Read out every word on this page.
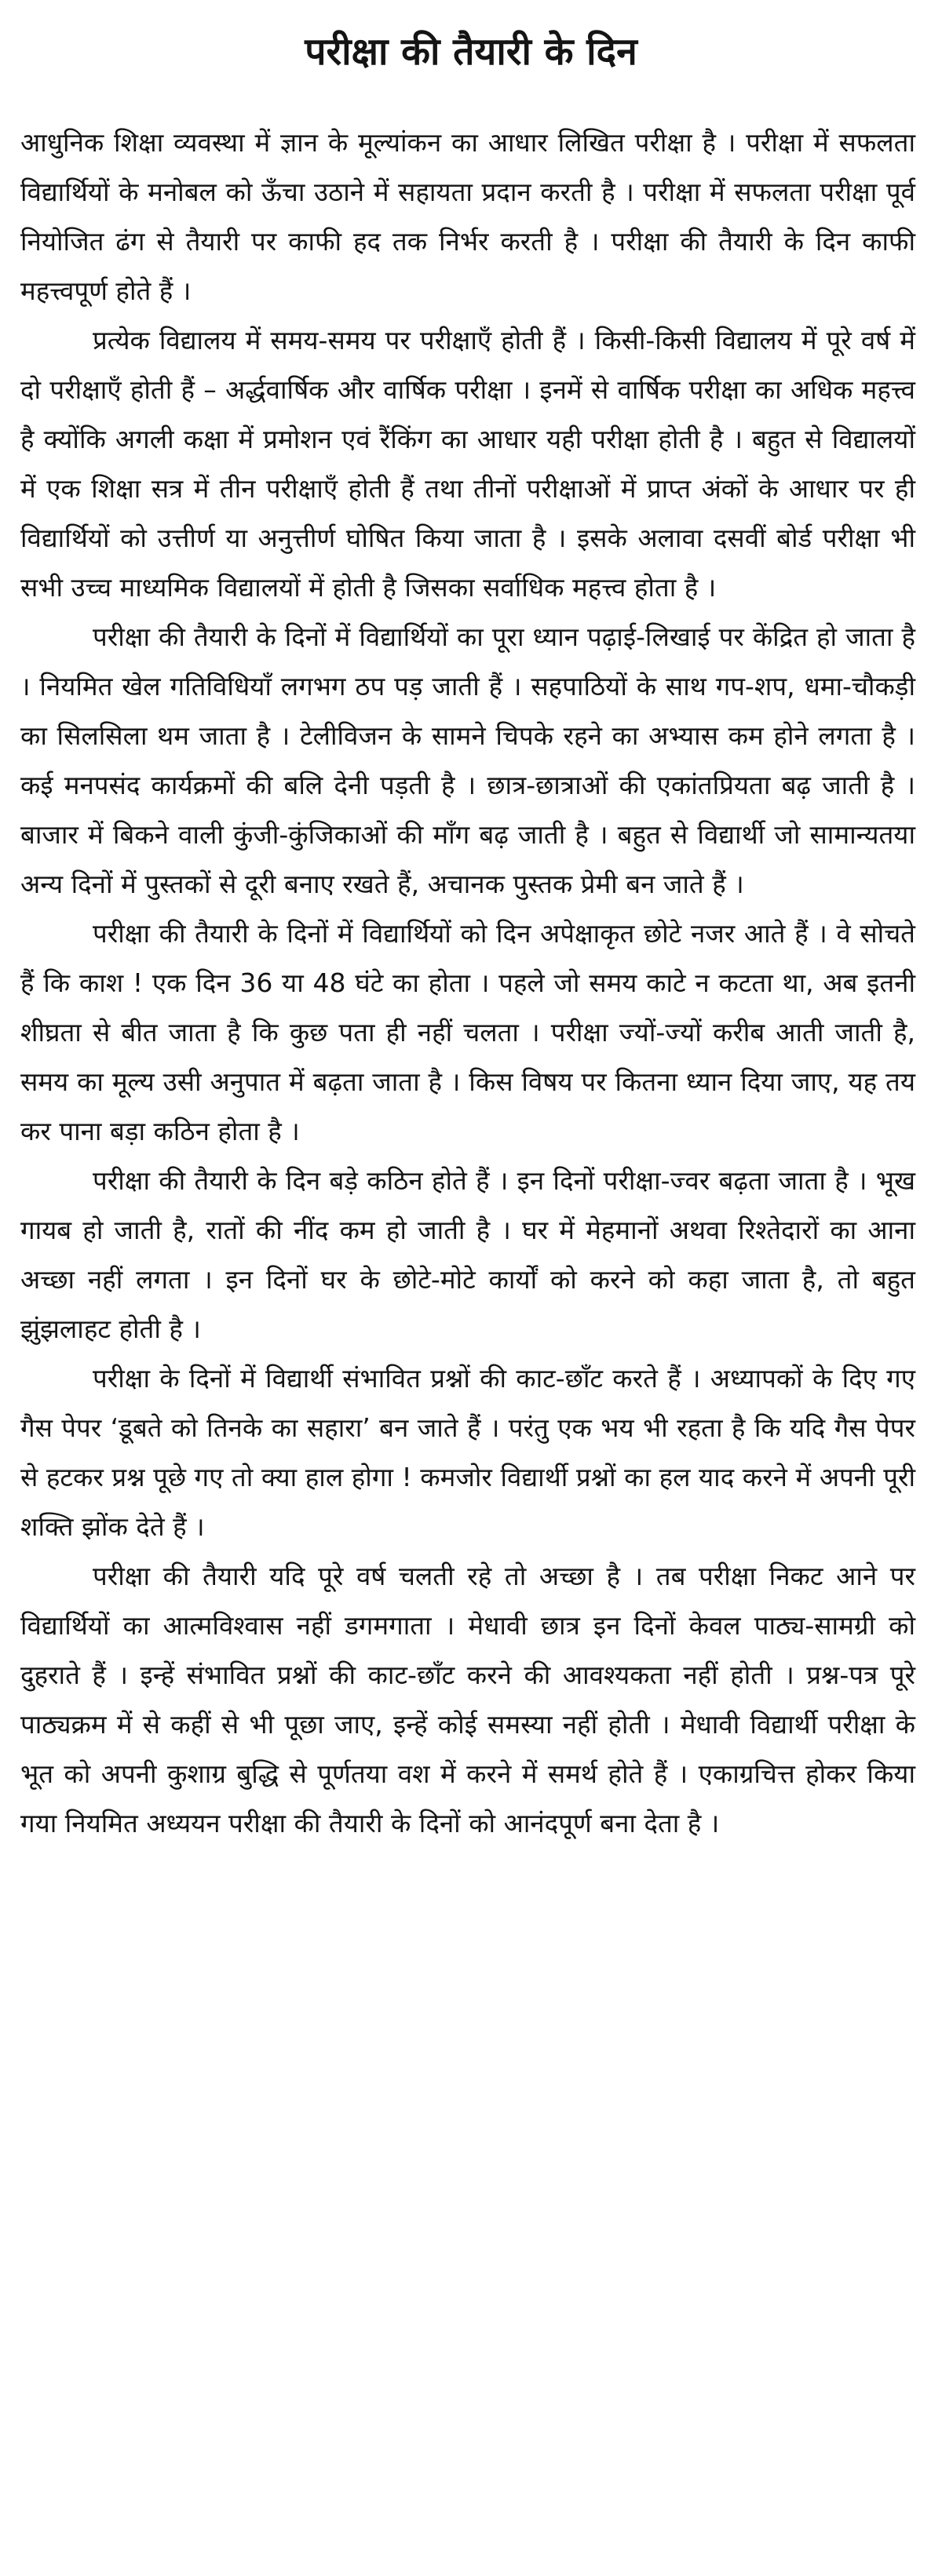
परीक्षा की तैयारी के दिन

आधुनिक शिक्षा व्यवस्था में ज्ञान के मूल्यांकन का आधार लिखित परीक्षा है । परीक्षा में सफलता विद्यार्थियों के मनोबल को ऊँचा उठाने में सहायता प्रदान करती है । परीक्षा में सफलता परीक्षा पूर्व नियोजित ढंग से तैयारी पर काफी हद तक निर्भर करती है । परीक्षा की तैयारी के दिन काफी महत्त्वपूर्ण होते हैं ।

प्रत्येक विद्यालय में समय-समय पर परीक्षाएँ होती हैं । किसी-किसी विद्यालय में पूरे वर्ष में दो परीक्षाएँ होती हैं – अर्द्धवार्षिक और वार्षिक परीक्षा । इनमें से वार्षिक परीक्षा का अधिक महत्त्व है क्योंकि अगली कक्षा में प्रमोशन एवं रैंकिंग का आधार यही परीक्षा होती है । बहुत से विद्यालयों में एक शिक्षा सत्र में तीन परीक्षाएँ होती हैं तथा तीनों परीक्षाओं में प्राप्त अंकों के आधार पर ही विद्यार्थियों को उत्तीर्ण या अनुत्तीर्ण घोषित किया जाता है । इसके अलावा दसवीं बोर्ड परीक्षा भी सभी उच्च माध्यमिक विद्यालयों में होती है जिसका सर्वाधिक महत्त्व होता है ।

परीक्षा की तैयारी के दिनों में विद्यार्थियों का पूरा ध्यान पढ़ाई-लिखाई पर केंद्रित हो जाता है । नियमित खेल गतिविधियाँ लगभग ठप पड़ जाती हैं । सहपाठियों के साथ गप-शप, धमा-चौकड़ी का सिलसिला थम जाता है । टेलीविजन के सामने चिपके रहने का अभ्यास कम होने लगता है । कई मनपसंद कार्यक्रमों की बलि देनी पड़ती है । छात्र-छात्राओं की एकांतप्रियता बढ़ जाती है । बाजार में बिकने वाली कुंजी-कुंजिकाओं की माँग बढ़ जाती है । बहुत से विद्यार्थी जो सामान्यतया अन्य दिनों में पुस्तकों से दूरी बनाए रखते हैं, अचानक पुस्तक प्रेमी बन जाते हैं ।

परीक्षा की तैयारी के दिनों में विद्यार्थियों को दिन अपेक्षाकृत छोटे नजर आते हैं । वे सोचते हैं कि काश ! एक दिन 36 या 48 घंटे का होता । पहले जो समय काटे न कटता था, अब इतनी शीघ्रता से बीत जाता है कि कुछ पता ही नहीं चलता । परीक्षा ज्यों-ज्यों करीब आती जाती है, समय का मूल्य उसी अनुपात में बढ़ता जाता है । किस विषय पर कितना ध्यान दिया जाए, यह तय कर पाना बड़ा कठिन होता है ।

परीक्षा की तैयारी के दिन बड़े कठिन होते हैं । इन दिनों परीक्षा-ज्वर बढ़ता जाता है । भूख गायब हो जाती है, रातों की नींद कम हो जाती है । घर में मेहमानों अथवा रिश्तेदारों का आना अच्छा नहीं लगता । इन दिनों घर के छोटे-मोटे कार्यों को करने को कहा जाता है, तो बहुत झुंझलाहट होती है ।

परीक्षा के दिनों में विद्यार्थी संभावित प्रश्नों की काट-छाँट करते हैं । अध्यापकों के दिए गए गैस पेपर ‘डूबते को तिनके का सहारा’ बन जाते हैं । परंतु एक भय भी रहता है कि यदि गैस पेपर से हटकर प्रश्न पूछे गए तो क्या हाल होगा ! कमजोर विद्यार्थी प्रश्नों का हल याद करने में अपनी पूरी शक्ति झोंक देते हैं ।

परीक्षा की तैयारी यदि पूरे वर्ष चलती रहे तो अच्छा है । तब परीक्षा निकट आने पर विद्यार्थियों का आत्मविश्वास नहीं डगमगाता । मेधावी छात्र इन दिनों केवल पाठ्य-सामग्री को दुहराते हैं । इन्हें संभावित प्रश्नों की काट-छाँट करने की आवश्यकता नहीं होती । प्रश्न-पत्र पूरे पाठ्यक्रम में से कहीं से भी पूछा जाए, इन्हें कोई समस्या नहीं होती । मेधावी विद्यार्थी परीक्षा के भूत को अपनी कुशाग्र बुद्धि से पूर्णतया वश में करने में समर्थ होते हैं । एकाग्रचित्त होकर किया गया नियमित अध्ययन परीक्षा की तैयारी के दिनों को आनंदपूर्ण बना देता है ।
